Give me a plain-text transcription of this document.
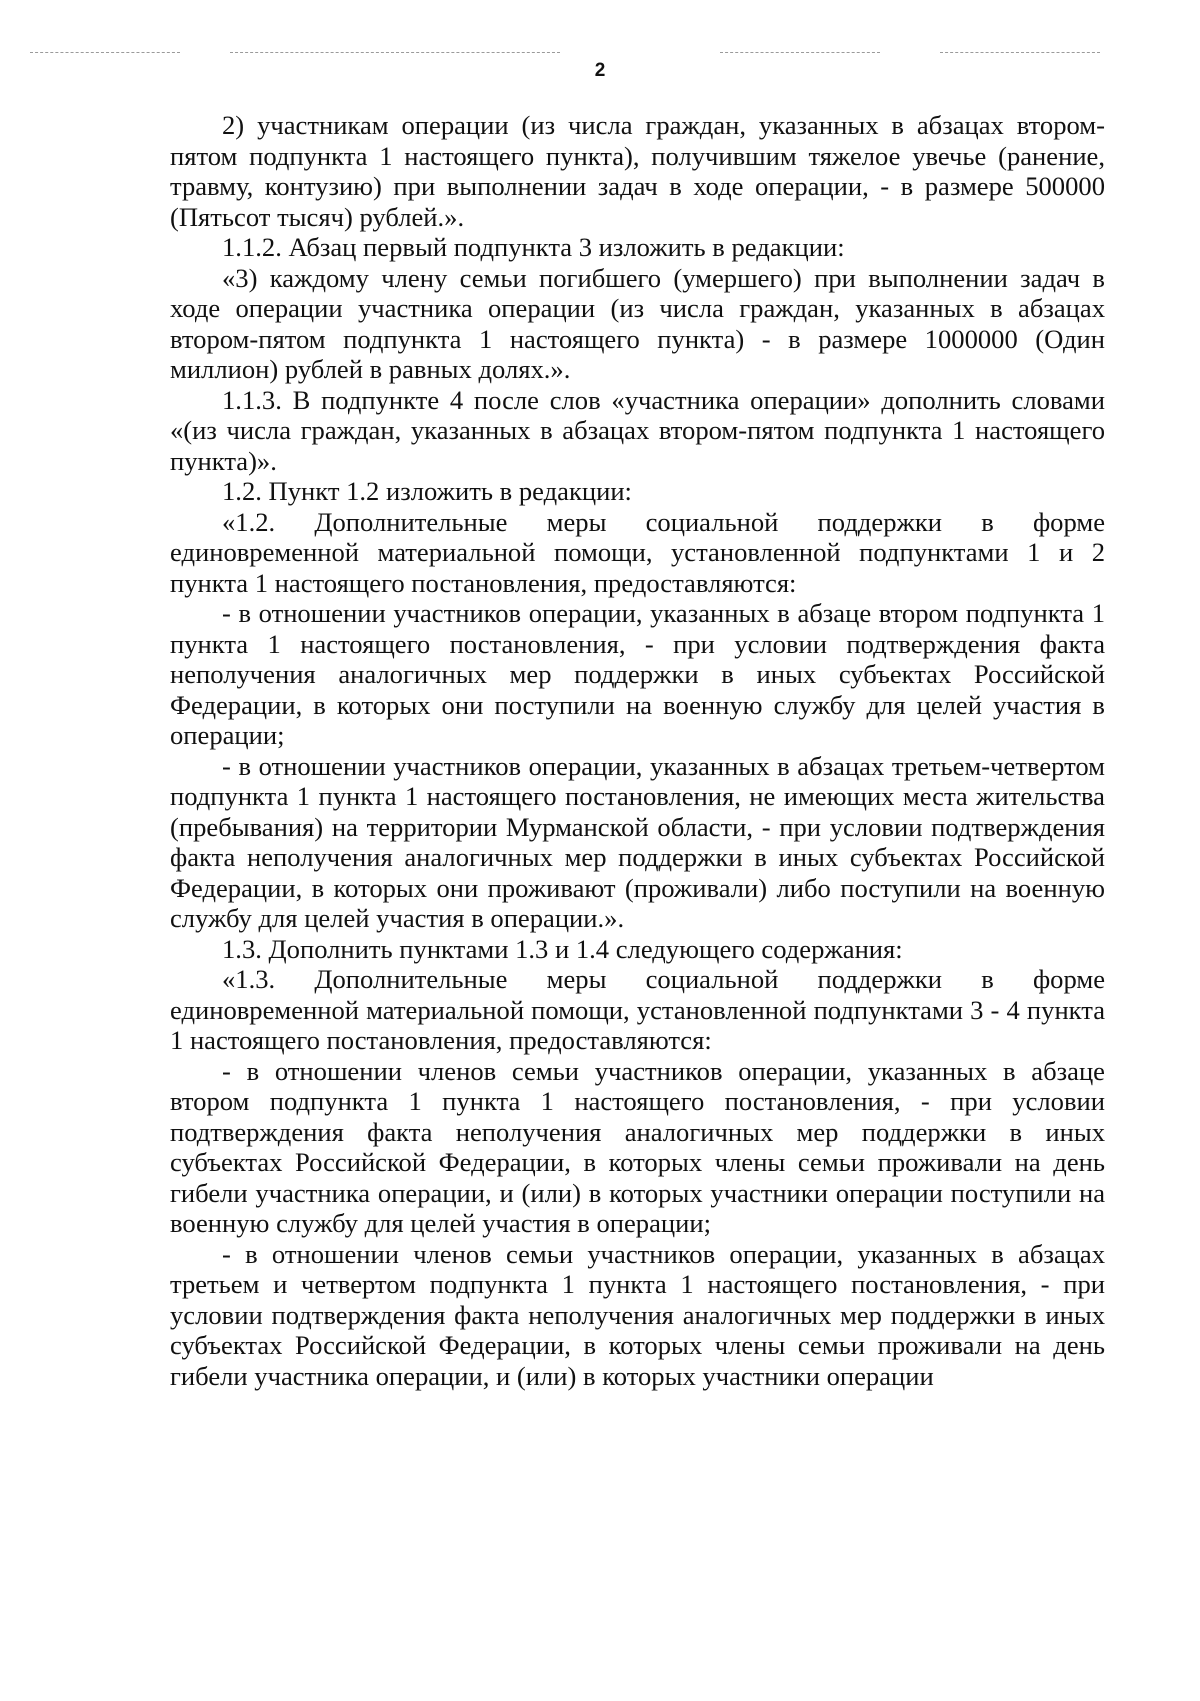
2

2) участникам операции (из числа граждан, указанных в абзацах втором-пятом подпункта 1 настоящего пункта), получившим тяжелое увечье (ранение, травму, контузию) при выполнении задач в ходе операции, - в размере 500000 (Пятьсот тысяч) рублей.».

1.1.2. Абзац первый подпункта 3 изложить в редакции:

«3) каждому члену семьи погибшего (умершего) при выполнении задач в ходе операции участника операции (из числа граждан, указанных в абзацах втором-пятом подпункта 1 настоящего пункта) - в размере 1000000 (Один миллион) рублей в равных долях.».

1.1.3. В подпункте 4 после слов «участника операции» дополнить словами «(из числа граждан, указанных в абзацах втором-пятом подпункта 1 настоящего пункта)».

1.2. Пункт 1.2 изложить в редакции:

«1.2. Дополнительные меры социальной поддержки в форме единовременной материальной помощи, установленной подпунктами 1 и 2 пункта 1 настоящего постановления, предоставляются:

- в отношении участников операции, указанных в абзаце втором подпункта 1 пункта 1 настоящего постановления, - при условии подтверждения факта неполучения аналогичных мер поддержки в иных субъектах Российской Федерации, в которых они поступили на военную службу для целей участия в операции;

- в отношении участников операции, указанных в абзацах третьем-четвертом подпункта 1 пункта 1 настоящего постановления, не имеющих места жительства (пребывания) на территории Мурманской области, - при условии подтверждения факта неполучения аналогичных мер поддержки в иных субъектах Российской Федерации, в которых они проживают (проживали) либо поступили на военную службу для целей участия в операции.».

1.3. Дополнить пунктами 1.3 и 1.4 следующего содержания:

«1.3. Дополнительные меры социальной поддержки в форме единовременной материальной помощи, установленной подпунктами 3 - 4 пункта 1 настоящего постановления, предоставляются:

- в отношении членов семьи участников операции, указанных в абзаце втором подпункта 1 пункта 1 настоящего постановления, - при условии подтверждения факта неполучения аналогичных мер поддержки в иных субъектах Российской Федерации, в которых члены семьи проживали на день гибели участника операции, и (или) в которых участники операции поступили на военную службу для целей участия в операции;

- в отношении членов семьи участников операции, указанных в абзацах третьем и четвертом подпункта 1 пункта 1 настоящего постановления, - при условии подтверждения факта неполучения аналогичных мер поддержки в иных субъектах Российской Федерации, в которых члены семьи проживали на день гибели участника операции, и (или) в которых участники операции
